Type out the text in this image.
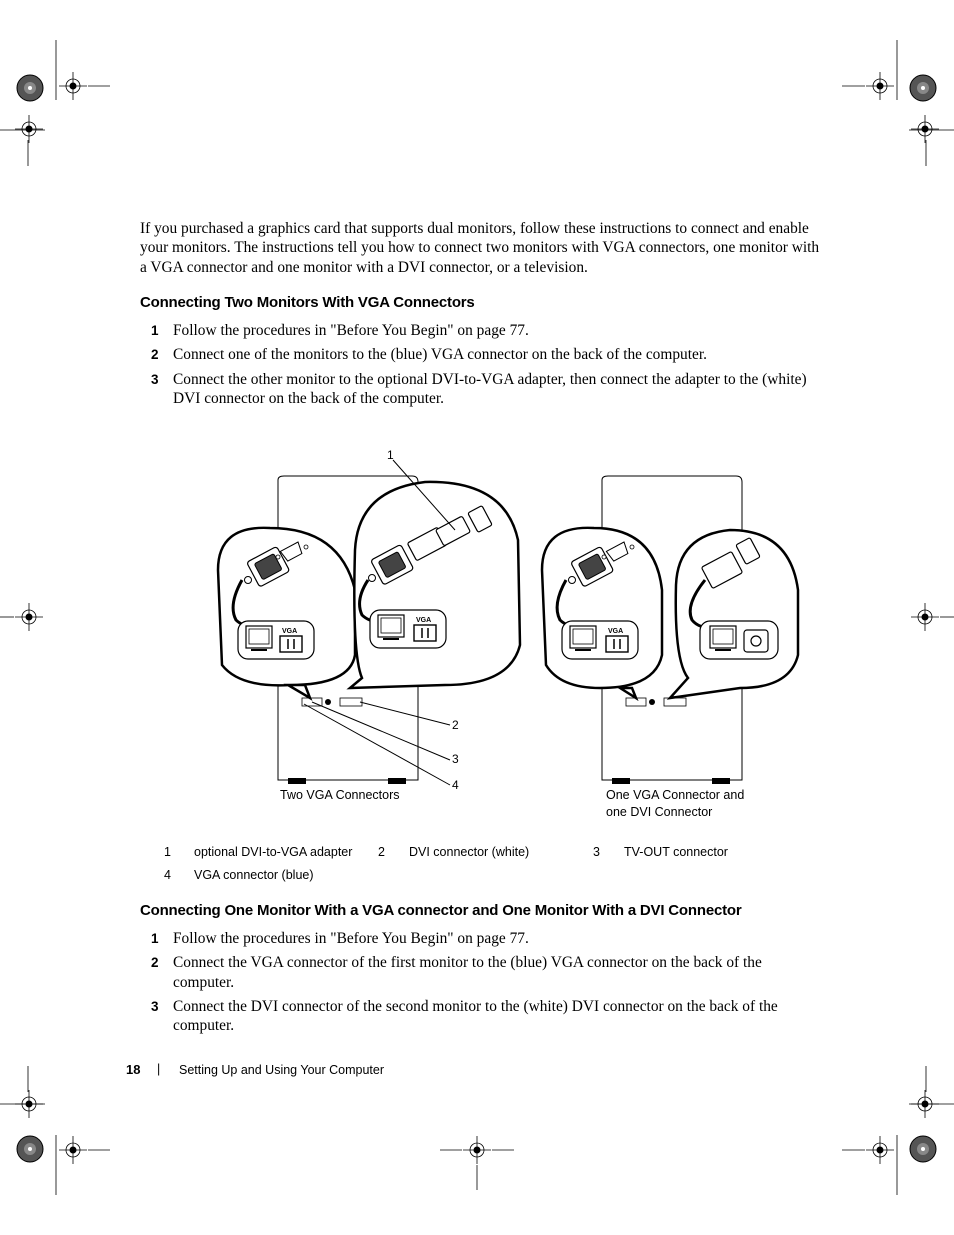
If you purchased a graphics card that supports dual monitors, follow these instructions to connect and enable your monitors. The instructions tell you how to connect two monitors with VGA connectors, one monitor with a VGA connector and one monitor with a DVI connector, or a television.

Connecting Two Monitors With VGA Connectors
1 Follow the procedures in "Before You Begin" on page 77.
2 Connect one of the monitors to the (blue) VGA connector on the back of the computer.
3 Connect the other monitor to the optional DVI-to-VGA adapter, then connect the adapter to the (white) DVI connector on the back of the computer.
VGA
VGA
VGA
1
2
3
4
Two VGA Connectors	One VGA Connector and
one DVI Connector
1 optional DVI-to-VGA adapter 2 DVI connector (white)	3 TV-OUT connector
4 VGA connector (blue)
Connecting One Monitor With a VGA connector and One Monitor With a DVI Connector
1 Follow the procedures in "Before You Begin" on page 77.
2 Connect the VGA connector of the first monitor to the (blue) VGA connector on the back of the computer.
3 Connect the DVI connector of the second monitor to the (white) DVI connector on the back of the computer.
18 | Setting Up and Using Your Computer
